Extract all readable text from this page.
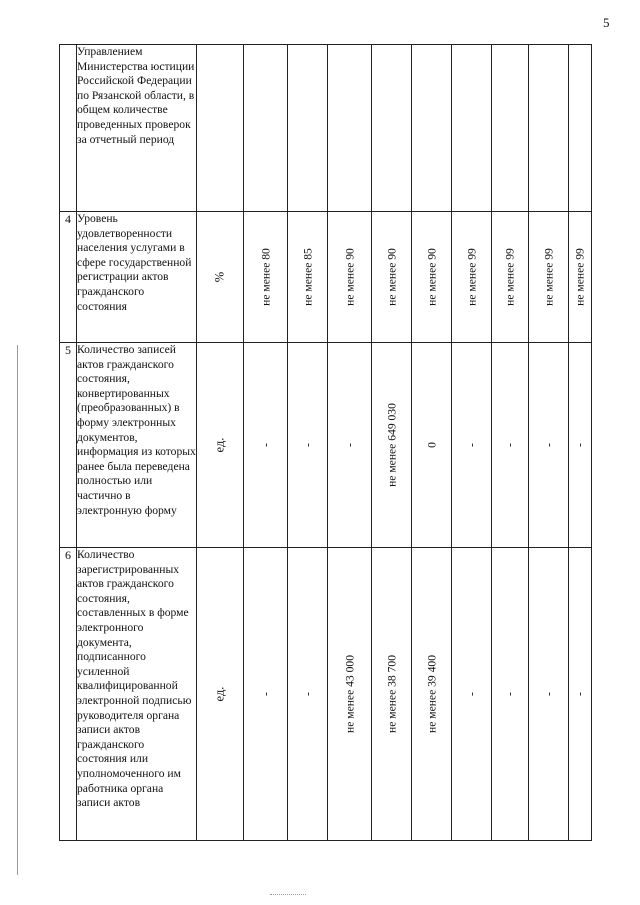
5
	Управлением Министерства юстиции Российской Федерации по Рязанской области, в общем количестве проведенных проверок за отчетный период	

4	Уровень удовлетворенности населения услугами в сфере государственной регистрации актов гражданского состояния	%	не менее 80	не менее 85	не менее 90	не менее 90	не менее 90	не менее 99	не менее 99	не менее 99	не менее 99

5	Количество записей актов гражданского состояния, конвертированных (преобразованных) в форму электронных документов, информация из которых ранее была переведена полностью или частично в электронную форму	ед.	-	-	-	не менее 649 030	0	-	-	-	-

6	Количество зарегистрированных актов гражданского состояния, составленных в форме электронного документа, подписанного усиленной квалифицированной электронной подписью руководителя органа записи актов гражданского состояния или уполномоченного им работника органа записи актов	ед.	-	-	не менее 43 000	не менее 38 700	не менее 39 400	-	-	-	-
